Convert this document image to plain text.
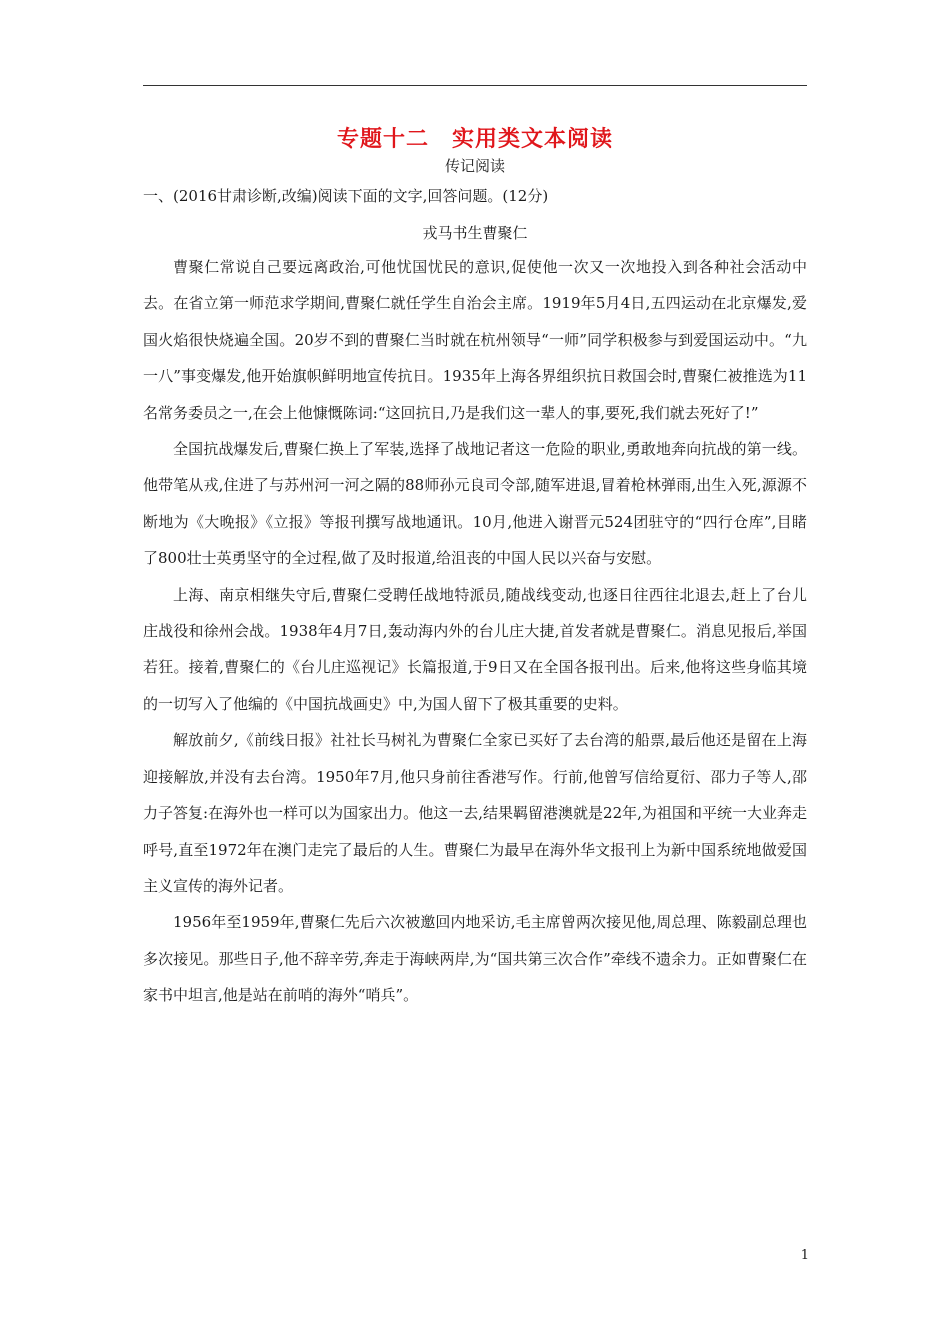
专题十二　实用类文本阅读
传记阅读
一、(2016甘肃诊断,改编)阅读下面的文字,回答问题。(12分)
戎马书生曹聚仁

曹聚仁常说自己要远离政治,可他忧国忧民的意识,促使他一次又一次地投入到各种社会活动中去。在省立第一师范求学期间,曹聚仁就任学生自治会主席。1919年5月4日,五四运动在北京爆发,爱国火焰很快烧遍全国。20岁不到的曹聚仁当时就在杭州领导“一师”同学积极参与到爱国运动中。“九一八”事变爆发,他开始旗帜鲜明地宣传抗日。1935年上海各界组织抗日救国会时,曹聚仁被推选为11名常务委员之一,在会上他慷慨陈词:“这回抗日,乃是我们这一辈人的事,要死,我们就去死好了!”

全国抗战爆发后,曹聚仁换上了军装,选择了战地记者这一危险的职业,勇敢地奔向抗战的第一线。他带笔从戎,住进了与苏州河一河之隔的88师孙元良司令部,随军进退,冒着枪林弹雨,出生入死,源源不断地为《大晚报》《立报》等报刊撰写战地通讯。10月,他进入谢晋元524团驻守的“四行仓库”,目睹了800壮士英勇坚守的全过程,做了及时报道,给沮丧的中国人民以兴奋与安慰。

上海、南京相继失守后,曹聚仁受聘任战地特派员,随战线变动,也逐日往西往北退去,赶上了台儿庄战役和徐州会战。1938年4月7日,轰动海内外的台儿庄大捷,首发者就是曹聚仁。消息见报后,举国若狂。接着,曹聚仁的《台儿庄巡视记》长篇报道,于9日又在全国各报刊出。后来,他将这些身临其境的一切写入了他编的《中国抗战画史》中,为国人留下了极其重要的史料。

解放前夕,《前线日报》社社长马树礼为曹聚仁全家已买好了去台湾的船票,最后他还是留在上海迎接解放,并没有去台湾。1950年7月,他只身前往香港写作。行前,他曾写信给夏衍、邵力子等人,邵力子答复:在海外也一样可以为国家出力。他这一去,结果羁留港澳就是22年,为祖国和平统一大业奔走呼号,直至1972年在澳门走完了最后的人生。曹聚仁为最早在海外华文报刊上为新中国系统地做爱国主义宣传的海外记者。

1956年至1959年,曹聚仁先后六次被邀回内地采访,毛主席曾两次接见他,周总理、陈毅副总理也多次接见。那些日子,他不辞辛劳,奔走于海峡两岸,为“国共第三次合作”牵线不遗余力。正如曹聚仁在家书中坦言,他是站在前哨的海外“哨兵”。

1
